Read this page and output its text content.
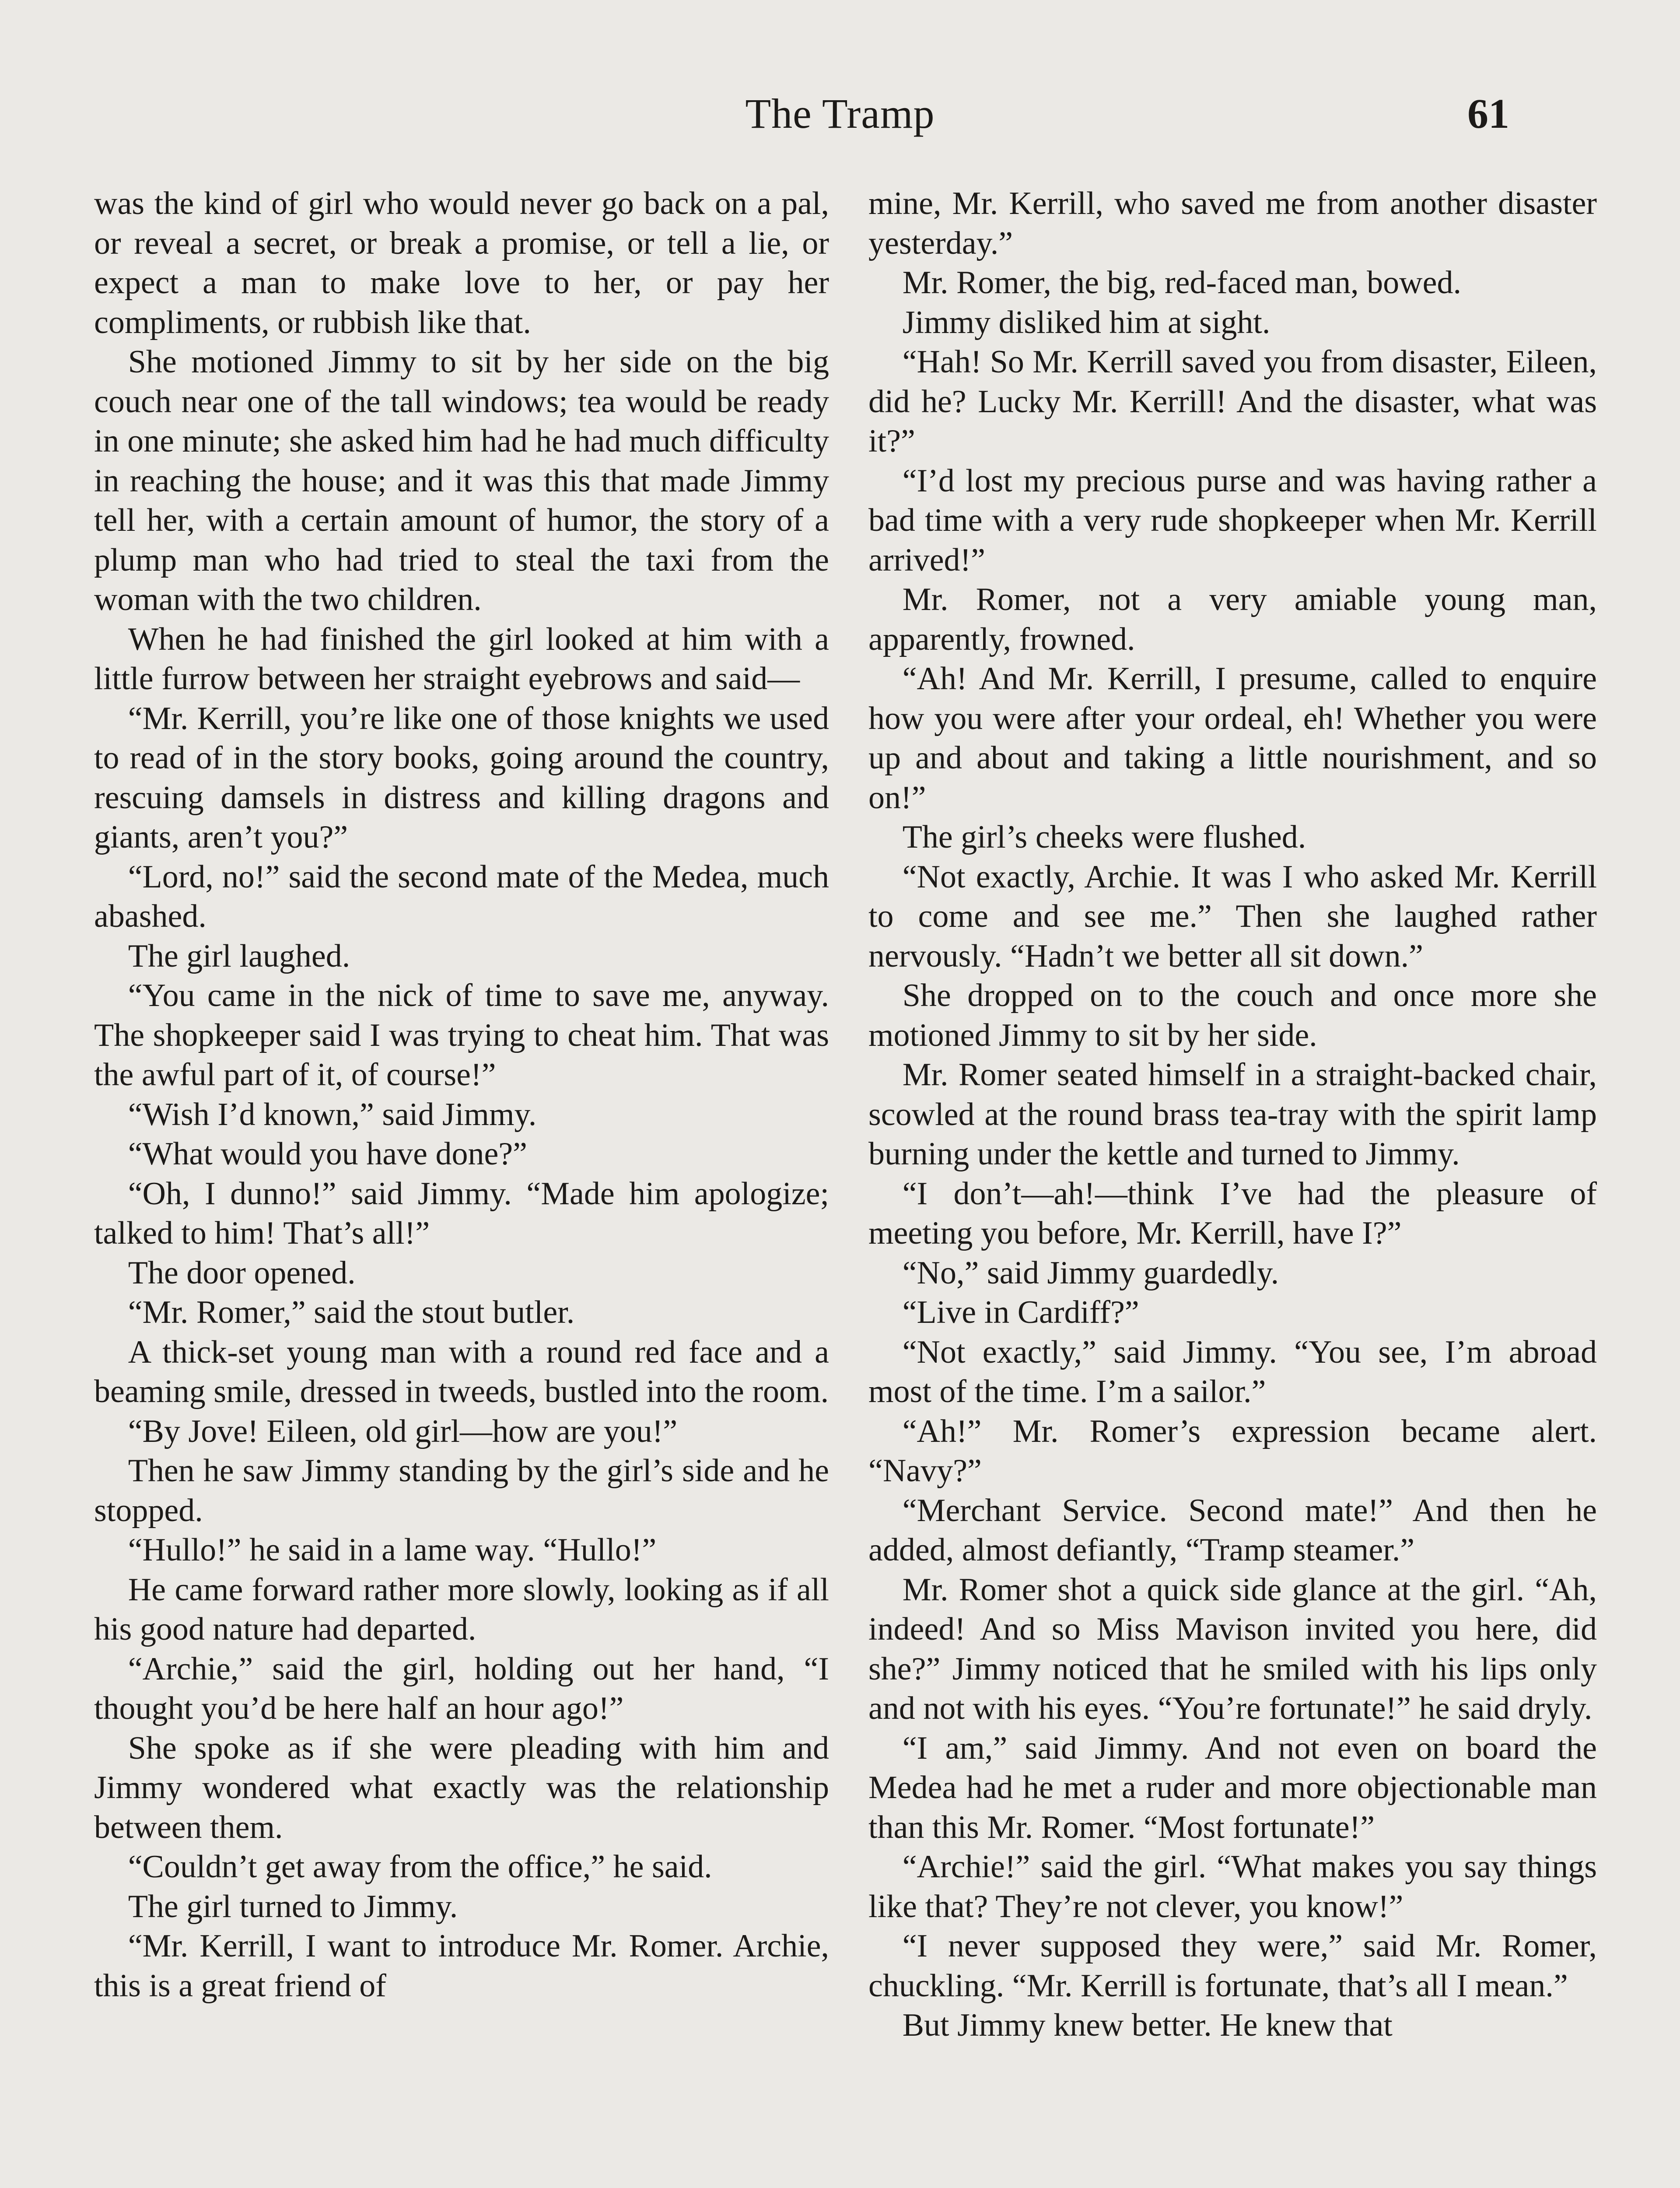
The Tramp	61

was the kind of girl who would never go back on a pal, or reveal a secret, or break a promise, or tell a lie, or expect a man to make love to her, or pay her compliments, or rubbish like that.

She motioned Jimmy to sit by her side on the big couch near one of the tall windows; tea would be ready in one minute; she asked him had he had much difficulty in reaching the house; and it was this that made Jimmy tell her, with a certain amount of humor, the story of a plump man who had tried to steal the taxi from the woman with the two children.

When he had finished the girl looked at him with a little furrow between her straight eyebrows and said—

“Mr. Kerrill, you’re like one of those knights we used to read of in the story books, going around the country, rescuing damsels in distress and killing dragons and giants, aren’t you?”

“Lord, no!” said the second mate of the Medea, much abashed.

The girl laughed.

“You came in the nick of time to save me, anyway. The shopkeeper said I was trying to cheat him. That was the awful part of it, of course!”

“Wish I’d known,” said Jimmy.

“What would you have done?”

“Oh, I dunno!” said Jimmy. “Made him apologize; talked to him! That’s all!”

The door opened.

“Mr. Romer,” said the stout butler.

A thick-set young man with a round red face and a beaming smile, dressed in tweeds, bustled into the room.

“By Jove! Eileen, old girl—how are you!”

Then he saw Jimmy standing by the girl’s side and he stopped.

“Hullo!” he said in a lame way. “Hullo!”

He came forward rather more slowly, looking as if all his good nature had departed.

“Archie,” said the girl, holding out her hand, “I thought you’d be here half an hour ago!”

She spoke as if she were pleading with him and Jimmy wondered what exactly was the relationship between them.

“Couldn’t get away from the office,” he said.

The girl turned to Jimmy.

“Mr. Kerrill, I want to introduce Mr. Romer. Archie, this is a great friend of

mine, Mr. Kerrill, who saved me from another disaster yesterday.”

Mr. Romer, the big, red-faced man, bowed.

Jimmy disliked him at sight.

“Hah! So Mr. Kerrill saved you from disaster, Eileen, did he? Lucky Mr. Kerrill! And the disaster, what was it?”

“I’d lost my precious purse and was having rather a bad time with a very rude shopkeeper when Mr. Kerrill arrived!”

Mr. Romer, not a very amiable young man, apparently, frowned.

“Ah! And Mr. Kerrill, I presume, called to enquire how you were after your ordeal, eh! Whether you were up and about and taking a little nourishment, and so on!”

The girl’s cheeks were flushed.

“Not exactly, Archie. It was I who asked Mr. Kerrill to come and see me.” Then she laughed rather nervously. “Hadn’t we better all sit down.”

She dropped on to the couch and once more she motioned Jimmy to sit by her side.

Mr. Romer seated himself in a straight-backed chair, scowled at the round brass tea-tray with the spirit lamp burning under the kettle and turned to Jimmy.

“I don’t—ah!—think I’ve had the pleasure of meeting you before, Mr. Kerrill, have I?”

“No,” said Jimmy guardedly.

“Live in Cardiff?”

“Not exactly,” said Jimmy. “You see, I’m abroad most of the time. I’m a sailor.”

“Ah!” Mr. Romer’s expression became alert. “Navy?”

“Merchant Service. Second mate!” And then he added, almost defiantly, “Tramp steamer.”

Mr. Romer shot a quick side glance at the girl. “Ah, indeed! And so Miss Mavison invited you here, did she?” Jimmy noticed that he smiled with his lips only and not with his eyes. “You’re fortunate!” he said dryly.

“I am,” said Jimmy. And not even on board the Medea had he met a ruder and more objectionable man than this Mr. Romer. “Most fortunate!”

“Archie!” said the girl. “What makes you say things like that? They’re not clever, you know!”

“I never supposed they were,” said Mr. Romer, chuckling. “Mr. Kerrill is fortunate, that’s all I mean.”

But Jimmy knew better. He knew that
